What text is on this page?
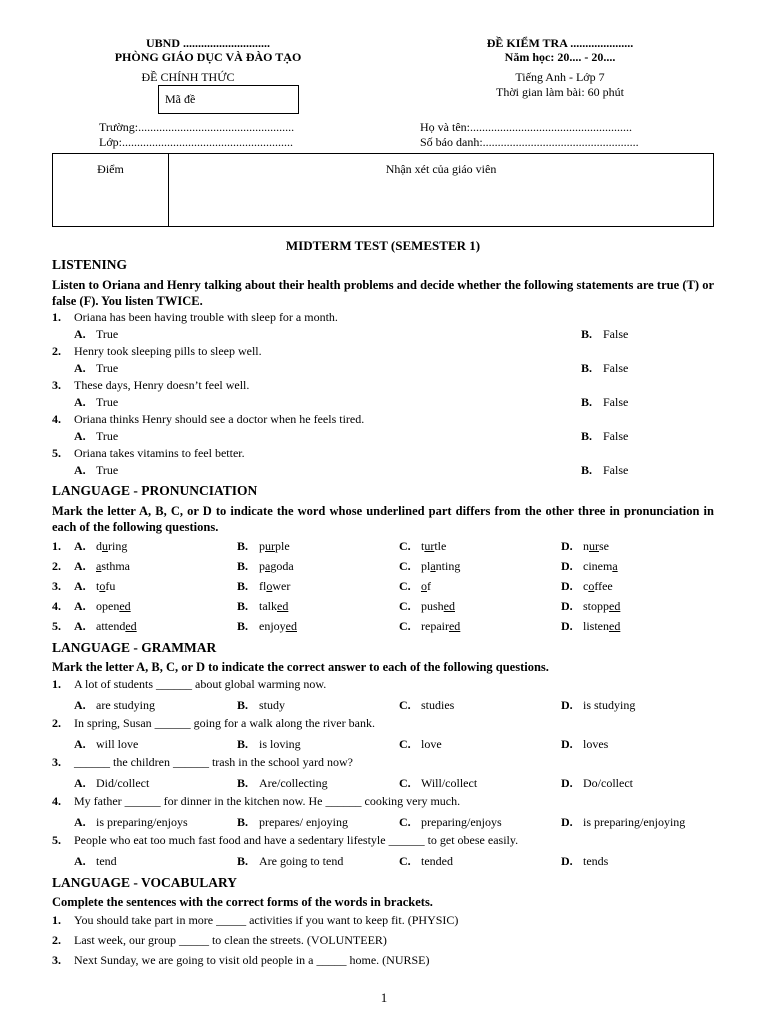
UBND .............................
PHÒNG GIÁO DỤC VÀ ĐÀO TẠO
ĐỀ CHÍNH THỨC
Mã đề
ĐỀ KIỂM TRA .....................
Năm học: 20.... - 20....
Tiếng Anh - Lớp 7
Thời gian làm bài: 60 phút
Trường:....................................................
Lớp:.........................................................
Họ và tên:......................................................
Số báo danh:....................................................
Điểm	Nhận xét của giáo viên
MIDTERM TEST (SEMESTER 1)
LISTENING
Listen to Oriana and Henry talking about their health problems and decide whether the following statements are true (T) or false (F). You listen TWICE.
1. Oriana has been having trouble with sleep for a month.
A. True	B. False
2. Henry took sleeping pills to sleep well.
A. True	B. False
3. These days, Henry doesn’t feel well.
A. True	B. False
4. Oriana thinks Henry should see a doctor when he feels tired.
A. True	B. False
5. Oriana takes vitamins to feel better.
A. True	B. False
LANGUAGE - PRONUNCIATION
Mark the letter A, B, C, or D to indicate the word whose underlined part differs from the other three in pronunciation in each of the following questions.
1. A. during	B. purple	C. turtle	D. nurse
2. A. asthma	B. pagoda	C. planting	D. cinema
3. A. tofu	B. flower	C. of	D. coffee
4. A. opened	B. talked	C. pushed	D. stopped
5. A. attended	B. enjoyed	C. repaired	D. listened
LANGUAGE - GRAMMAR
Mark the letter A, B, C, or D to indicate the correct answer to each of the following questions.
1. A lot of students ______ about global warming now.
A. are studying	B. study	C. studies	D. is studying
2. In spring, Susan ______ going for a walk along the river bank.
A. will love	B. is loving	C. love	D. loves
3. ______ the children ______ trash in the school yard now?
A. Did/collect	B. Are/collecting	C. Will/collect	D. Do/collect
4. My father ______ for dinner in the kitchen now. He ______ cooking very much.
A. is preparing/enjoys	B. prepares/ enjoying	C. preparing/enjoys	D. is preparing/enjoying
5. People who eat too much fast food and have a sedentary lifestyle ______ to get obese easily.
A. tend	B. Are going to tend	C. tended	D. tends
LANGUAGE - VOCABULARY
Complete the sentences with the correct forms of the words in brackets.
1. You should take part in more _____ activities if you want to keep fit. (PHYSIC)
2. Last week, our group _____ to clean the streets. (VOLUNTEER)
3. Next Sunday, we are going to visit old people in a _____ home. (NURSE)
1
